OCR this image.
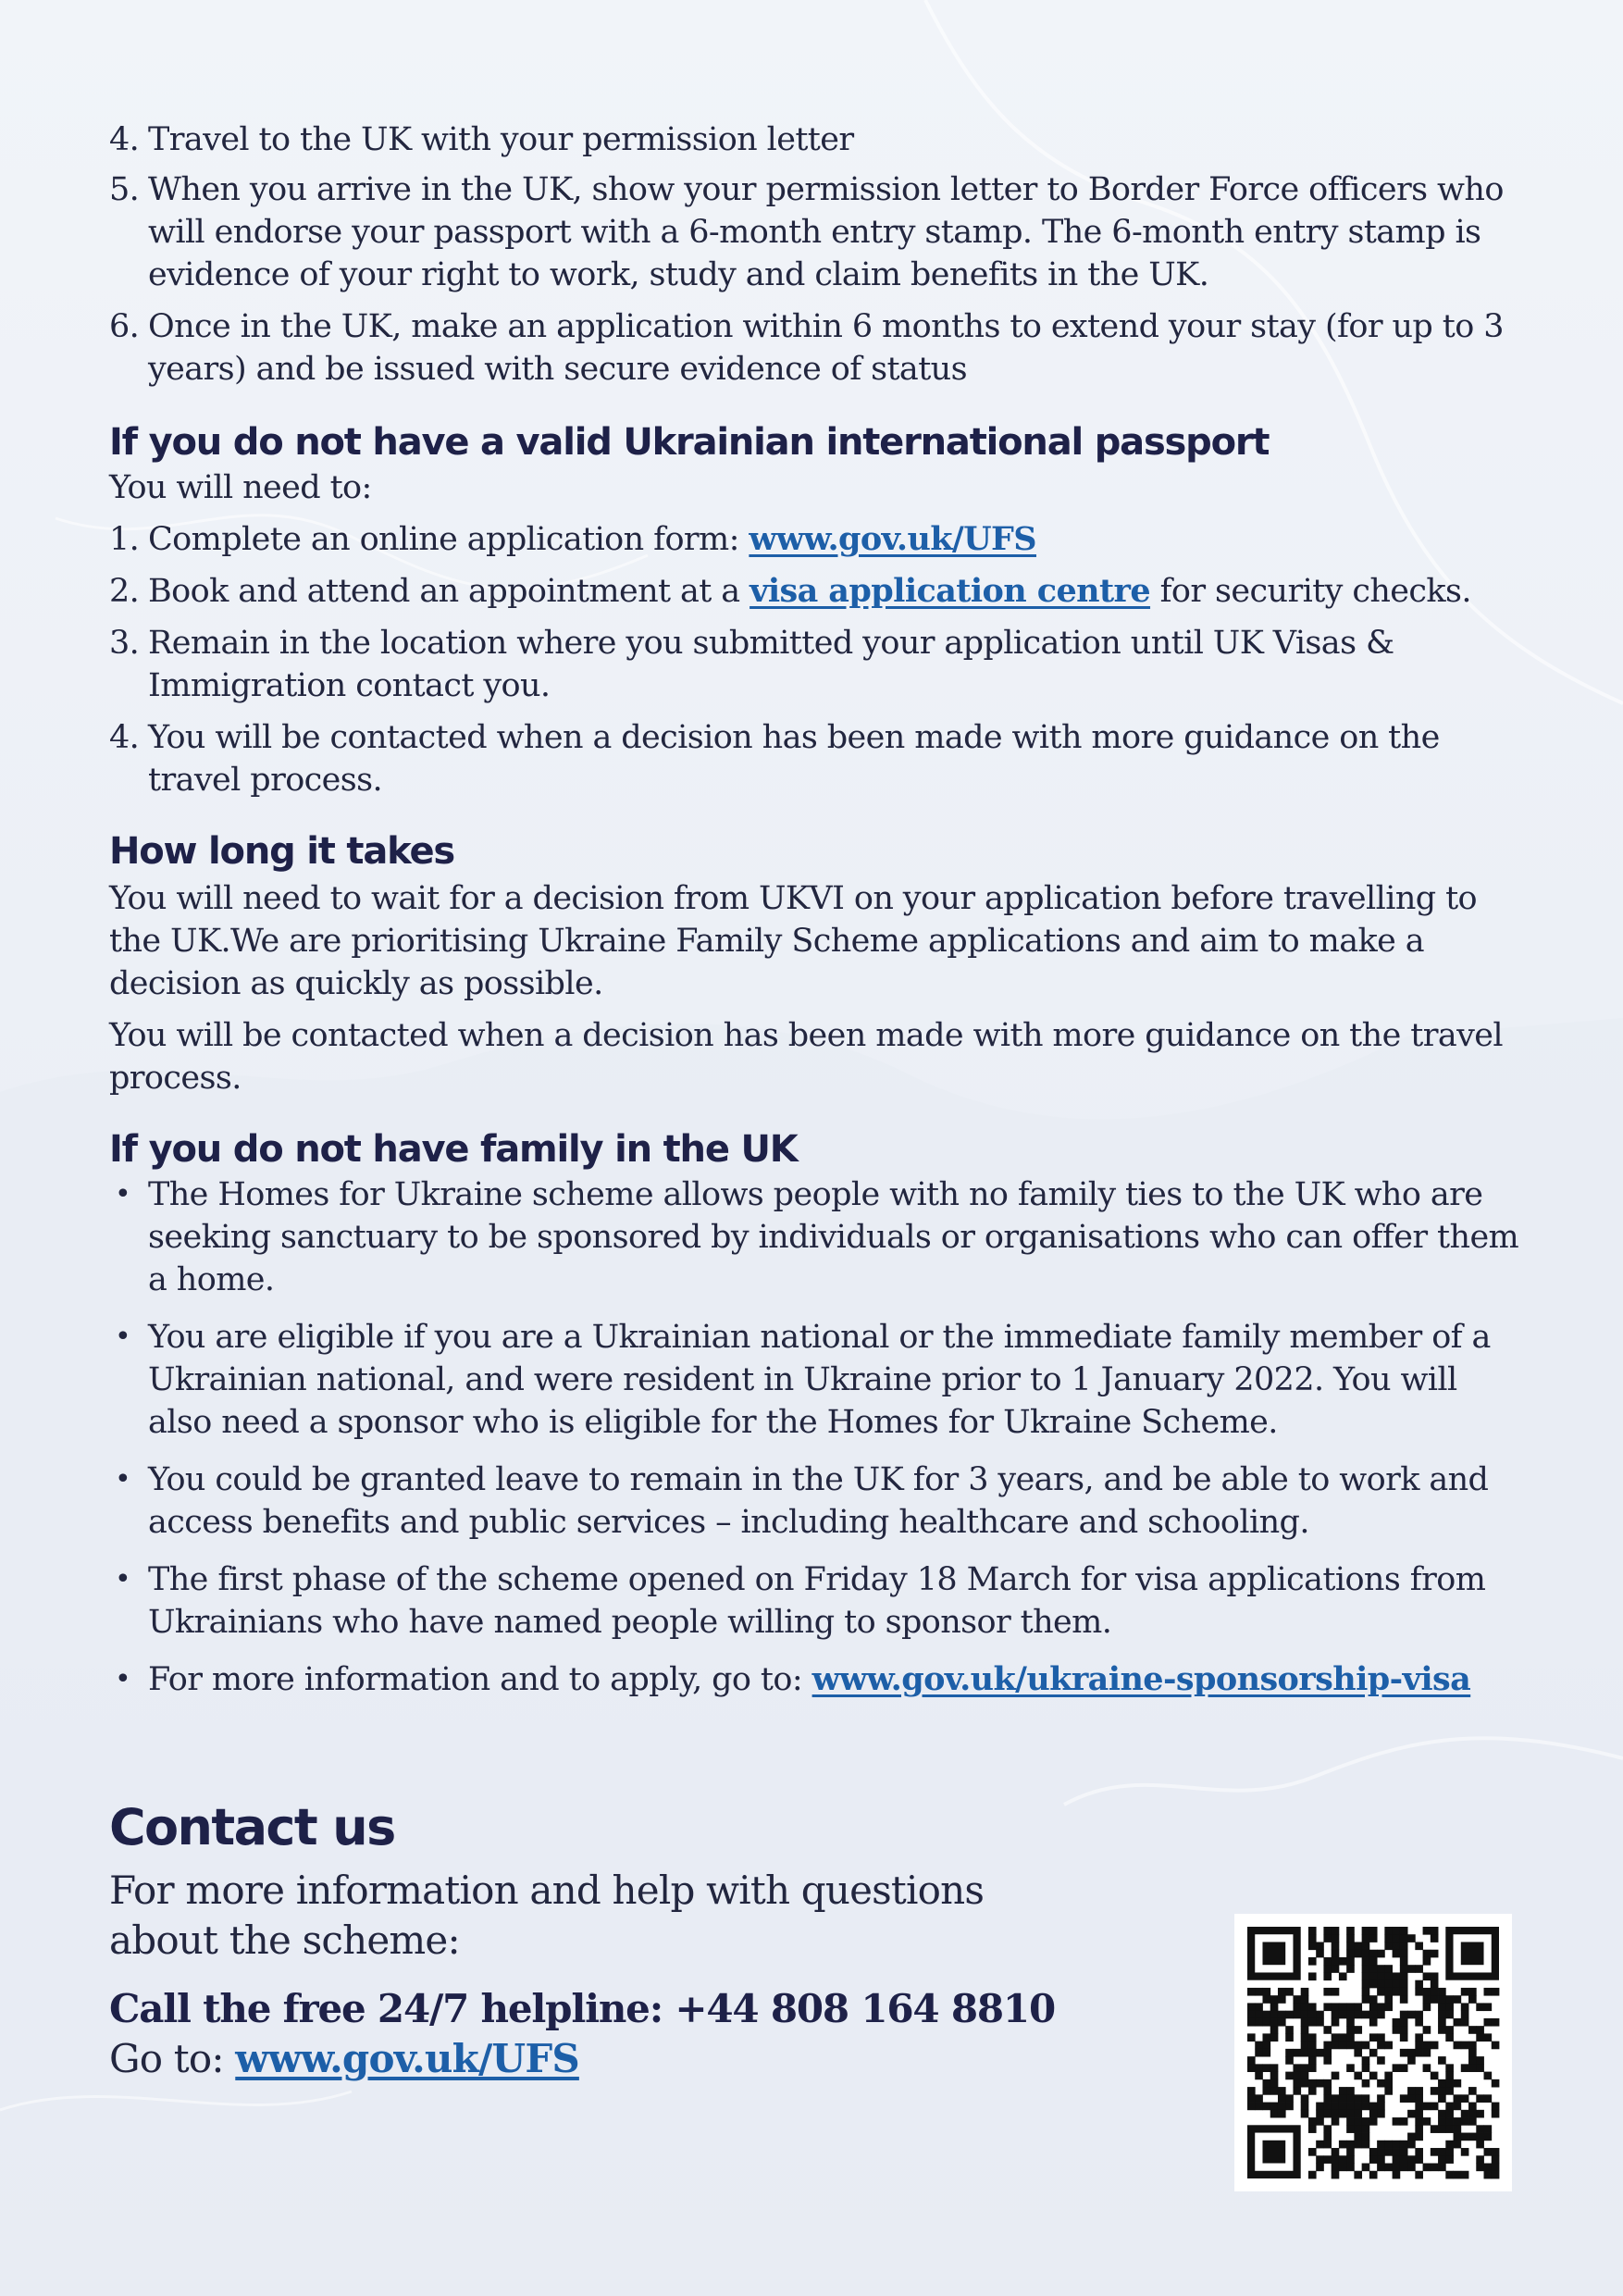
4. Travel to the UK with your permission letter
5. When you arrive in the UK, show your permission letter to Border Force officers who will endorse your passport with a 6-month entry stamp. The 6-month entry stamp is evidence of your right to work, study and claim benefits in the UK.
6. Once in the UK, make an application within 6 months to extend your stay (for up to 3 years) and be issued with secure evidence of status
If you do not have a valid Ukrainian international passport

You will need to:

1. Complete an online application form: www.gov.uk/UFS
2. Book and attend an appointment at a visa application centre for security checks.
3. Remain in the location where you submitted your application until UK Visas & Immigration contact you.
4. You will be contacted when a decision has been made with more guidance on the travel process.
How long it takes

You will need to wait for a decision from UKVI on your application before travelling to the UK.We are prioritising Ukraine Family Scheme applications and aim to make a decision as quickly as possible.

You will be contacted when a decision has been made with more guidance on the travel process.

If you do not have family in the UK
• The Homes for Ukraine scheme allows people with no family ties to the UK who are seeking sanctuary to be sponsored by individuals or organisations who can offer them a home.
• You are eligible if you are a Ukrainian national or the immediate family member of a Ukrainian national, and were resident in Ukraine prior to 1 January 2022. You will also need a sponsor who is eligible for the Homes for Ukraine Scheme.
• You could be granted leave to remain in the UK for 3 years, and be able to work and access benefits and public services – including healthcare and schooling.
• The first phase of the scheme opened on Friday 18 March for visa applications from Ukrainians who have named people willing to sponsor them.
• For more information and to apply, go to: www.gov.uk/ukraine-sponsorship-visa
Contact us

For more information and help with questions about the scheme:

Call the free 24/7 helpline: +44 808 164 8810

Go to: www.gov.uk/UFS
